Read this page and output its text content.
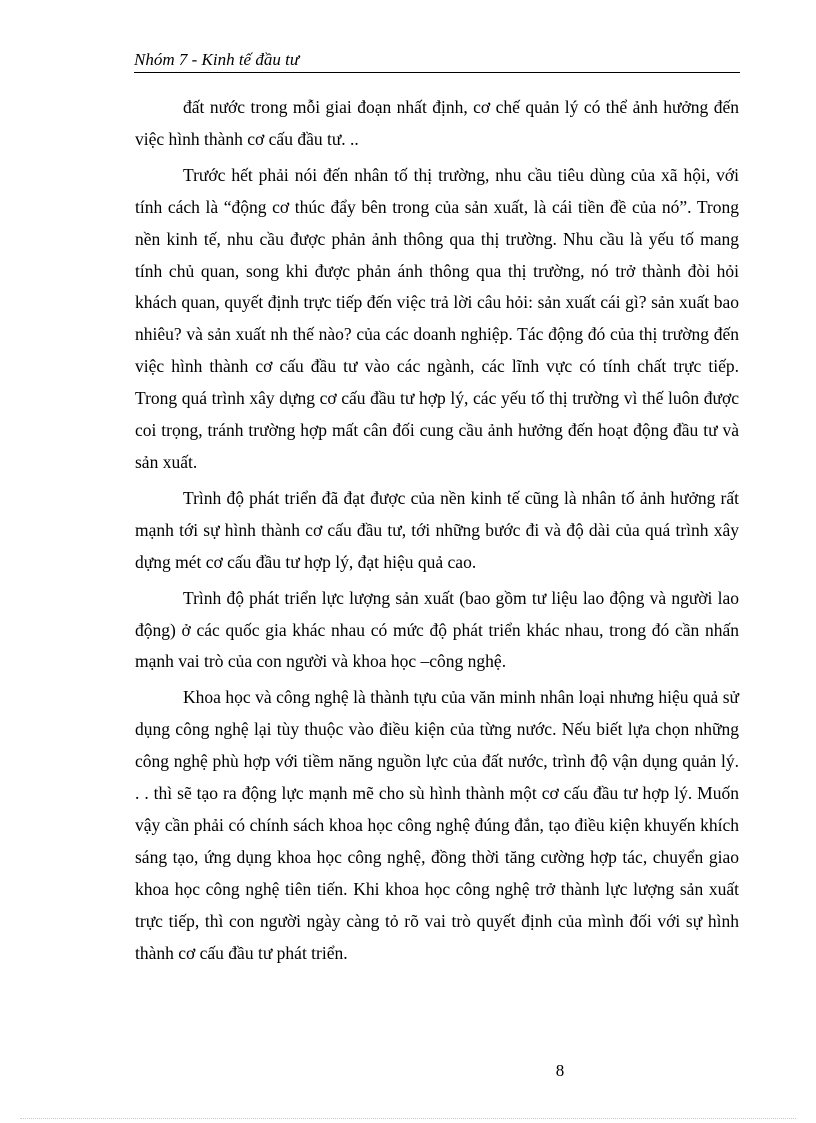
Nhóm 7 - Kinh tế đầu tư

đất nước trong mỗi giai đoạn nhất định, cơ chế quản lý có thể ảnh hưởng đến việc hình thành cơ cấu đầu tư. ..

Trước hết phải nói đến nhân tố thị trường, nhu cầu tiêu dùng của xã hội, với tính cách là “động cơ thúc đẩy bên trong của sản xuất, là cái tiền đề của nó”. Trong nền kinh tế, nhu cầu được phản ảnh thông qua thị trường. Nhu cầu là yếu tố mang tính chủ quan, song khi được phản ánh thông qua thị trường, nó trở thành đòi hỏi khách quan, quyết định trực tiếp đến việc trả lời câu hỏi: sản xuất cái gì? sản xuất bao nhiêu? và sản xuất nh thế nào? của các doanh nghiệp. Tác động đó của thị trường đến việc hình thành cơ cấu đầu tư vào các ngành, các lĩnh vực có tính chất trực tiếp. Trong quá trình xây dựng cơ cấu đầu tư hợp lý, các yếu tố thị trường vì thế luôn được coi trọng, tránh trường hợp mất cân đối cung cầu ảnh hưởng đến hoạt động đầu tư và sản xuất.

Trình độ phát triển đã đạt được của nền kinh tế cũng là nhân tố ảnh hưởng rất mạnh tới sự hình thành cơ cấu đầu tư, tới những bước đi và độ dài của quá trình xây dựng mét cơ cấu đầu tư hợp lý, đạt hiệu quả cao.

Trình độ phát triển lực lượng sản xuất (bao gồm tư liệu lao động và người lao động) ở các quốc gia khác nhau có mức độ phát triển khác nhau, trong đó cần nhấn mạnh vai trò của con người và khoa học –công nghệ.

Khoa học và công nghệ là thành tựu của văn minh nhân loại nhưng hiệu quả sử dụng công nghệ lại tùy thuộc vào điều kiện của từng nước. Nếu biết lựa chọn những công nghệ phù hợp với tiềm năng nguồn lực của đất nước, trình độ vận dụng quản lý. . . thì sẽ tạo ra động lực mạnh mẽ cho sù hình thành một cơ cấu đầu tư hợp lý. Muốn vậy cần phải có chính sách khoa học công nghệ đúng đắn, tạo điều kiện khuyến khích sáng tạo, ứng dụng khoa học công nghệ, đồng thời tăng cường hợp tác, chuyển giao khoa học công nghệ tiên tiến. Khi khoa học công nghệ trở thành lực lượng sản xuất trực tiếp, thì con người ngày càng tỏ rõ vai trò quyết định của mình đối với sự hình thành cơ cấu đầu tư phát triển.

8
